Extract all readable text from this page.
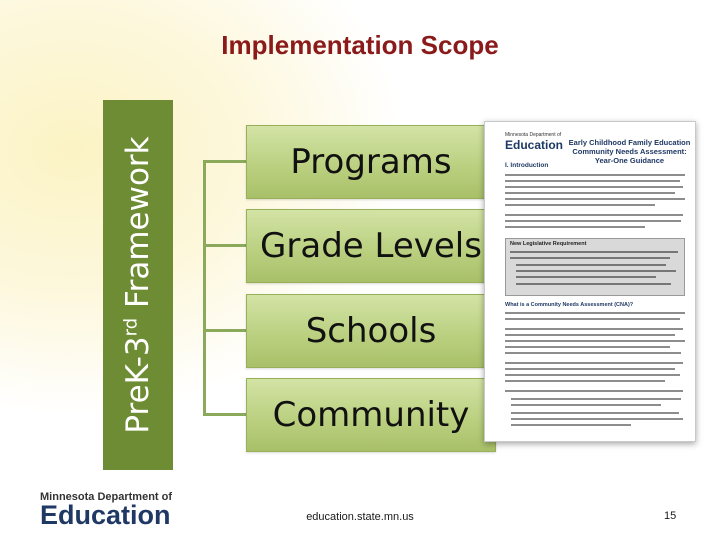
Implementation Scope
PreK-3rd Framework	Programs
Grade Levels
Schools
Community
Minnesota Department of
Education Early Childhood Family Education Community Needs Assessment: Year-One Guidance
I. Introduction
New Legislative Requirement
What is a Community Needs Assessment (CNA)?
Minnesota Department of
Education	education.state.mn.us	15
